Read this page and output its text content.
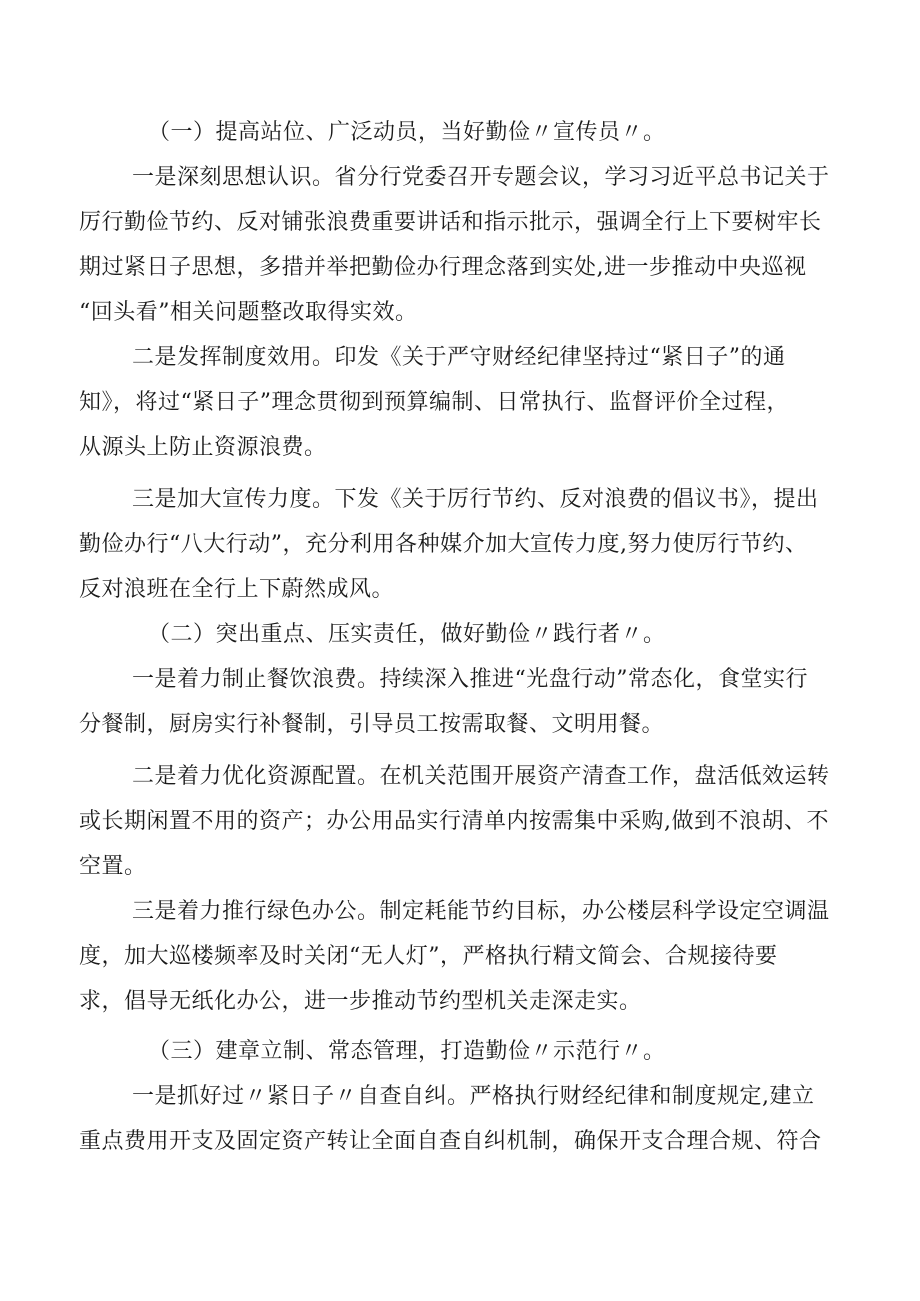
（一）提高站位、广泛动员，当好勤俭〃宣传员〃。
一是深刻思想认识。省分行党委召开专题会议，学习习近平总书记关于
厉行勤俭节约、反对铺张浪费重要讲话和指示批示，强调全行上下要树牢长
期过紧日子思想，多措并举把勤俭办行理念落到实处,进一步推动中央巡视
“回头看”相关问题整改取得实效。
二是发挥制度效用。印发《关于严守财经纪律坚持过“紧日子”的通
知》，将过“紧日子”理念贯彻到预算编制、日常执行、监督评价全过程，
从源头上防止资源浪费。
三是加大宣传力度。下发《关于厉行节约、反对浪费的倡议书》，提出
勤俭办行“八大行动”，充分利用各种媒介加大宣传力度,努力使厉行节约、
反对浪班在全行上下蔚然成风。
（二）突出重点、压实责任，做好勤俭〃践行者〃。
一是着力制止餐饮浪费。持续深入推进“光盘行动”常态化，食堂实行
分餐制，厨房实行补餐制，引导员工按需取餐、文明用餐。
二是着力优化资源配置。在机关范围开展资产清查工作，盘活低效运转
或长期闲置不用的资产；办公用品实行清单内按需集中采购,做到不浪胡、不
空置。
三是着力推行绿色办公。制定耗能节约目标，办公楼层科学设定空调温
度，加大巡楼频率及时关闭“无人灯”，严格执行精文简会、合规接待要
求，倡导无纸化办公，进一步推动节约型机关走深走实。
（三）建章立制、常态管理，打造勤俭〃示范行〃。
一是抓好过〃紧日子〃自查自纠。严格执行财经纪律和制度规定,建立
重点费用开支及固定资产转让全面自查自纠机制，确保开支合理合规、符合
